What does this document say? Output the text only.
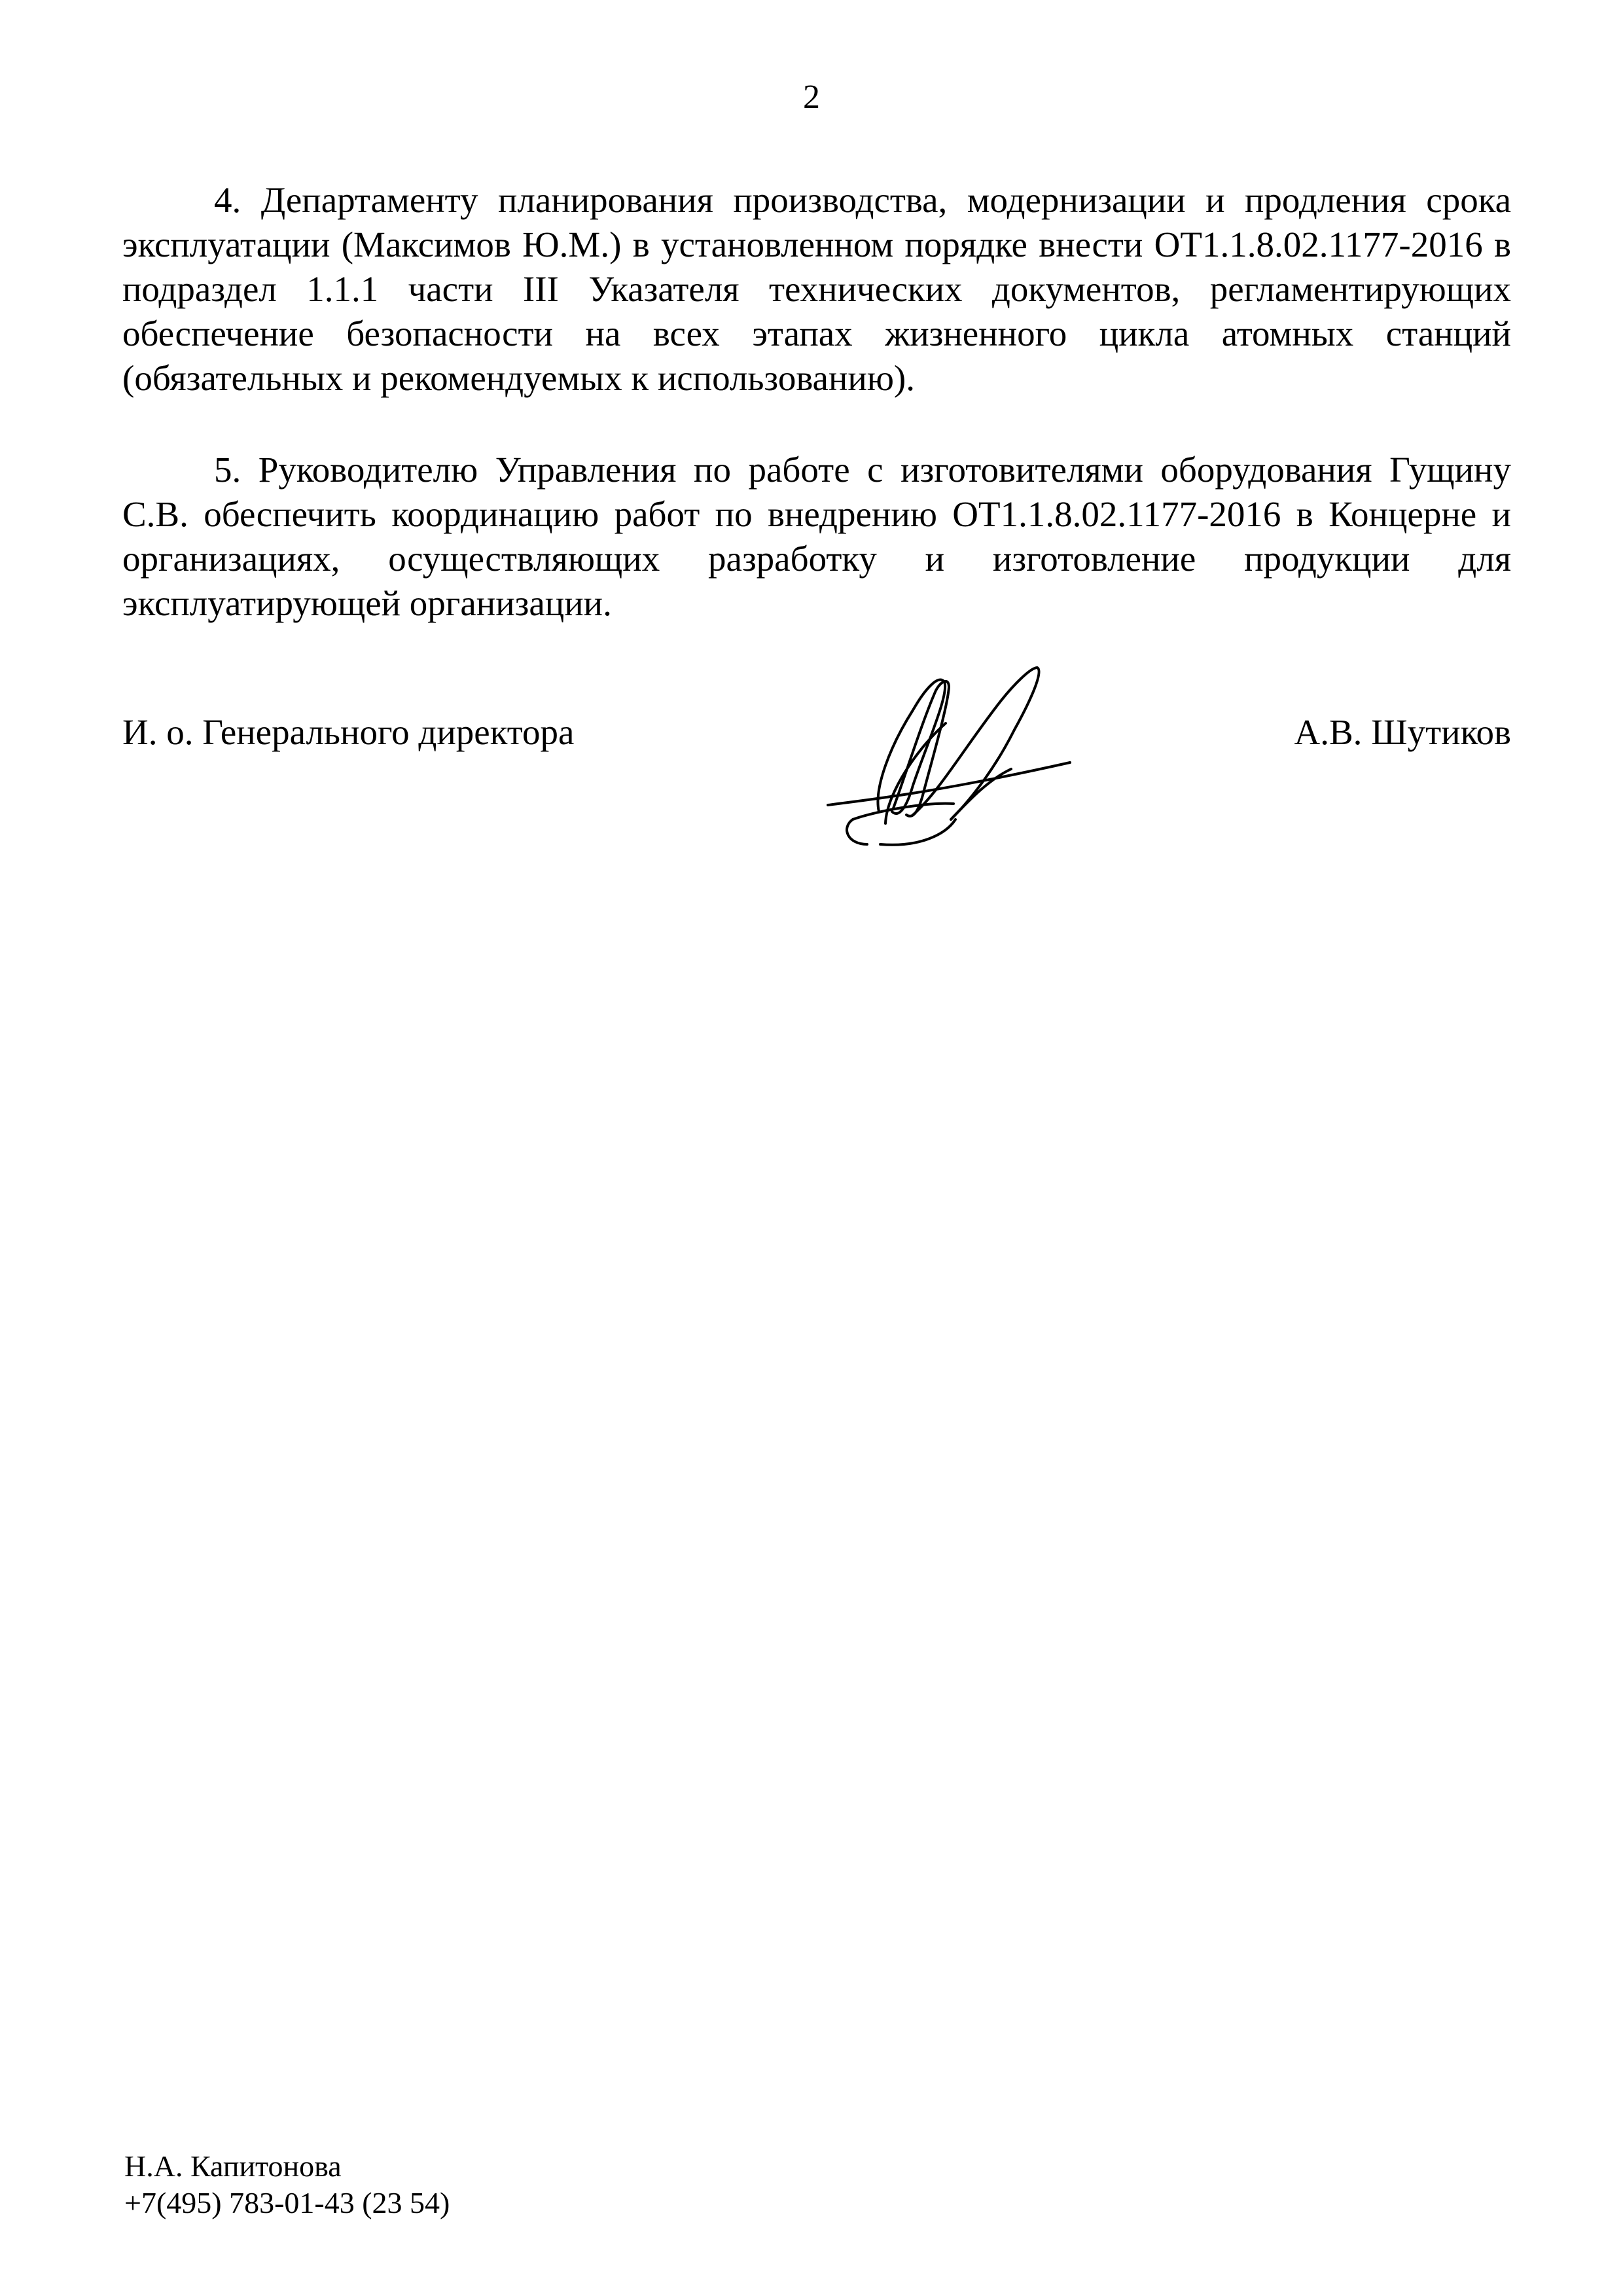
2

4. Департаменту планирования производства, модернизации и продления срока эксплуатации (Максимов Ю.М.) в установленном порядке внести ОТ1.1.8.02.1177-2016 в подраздел 1.1.1 части III Указателя технических документов, регламентирующих обеспечение безопасности на всех этапах жизненного цикла атомных станций (обязательных и рекомендуемых к использованию).

5. Руководителю Управления по работе с изготовителями оборудования Гущину С.В. обеспечить координацию работ по внедрению ОТ1.1.8.02.1177-2016 в Концерне и организациях, осуществляющих разработку и изготовление продукции для эксплуатирующей организации.

И. о. Генерального директора	А.В. Шутиков
Н.А. Капитонова
+7(495) 783-01-43 (23 54)
